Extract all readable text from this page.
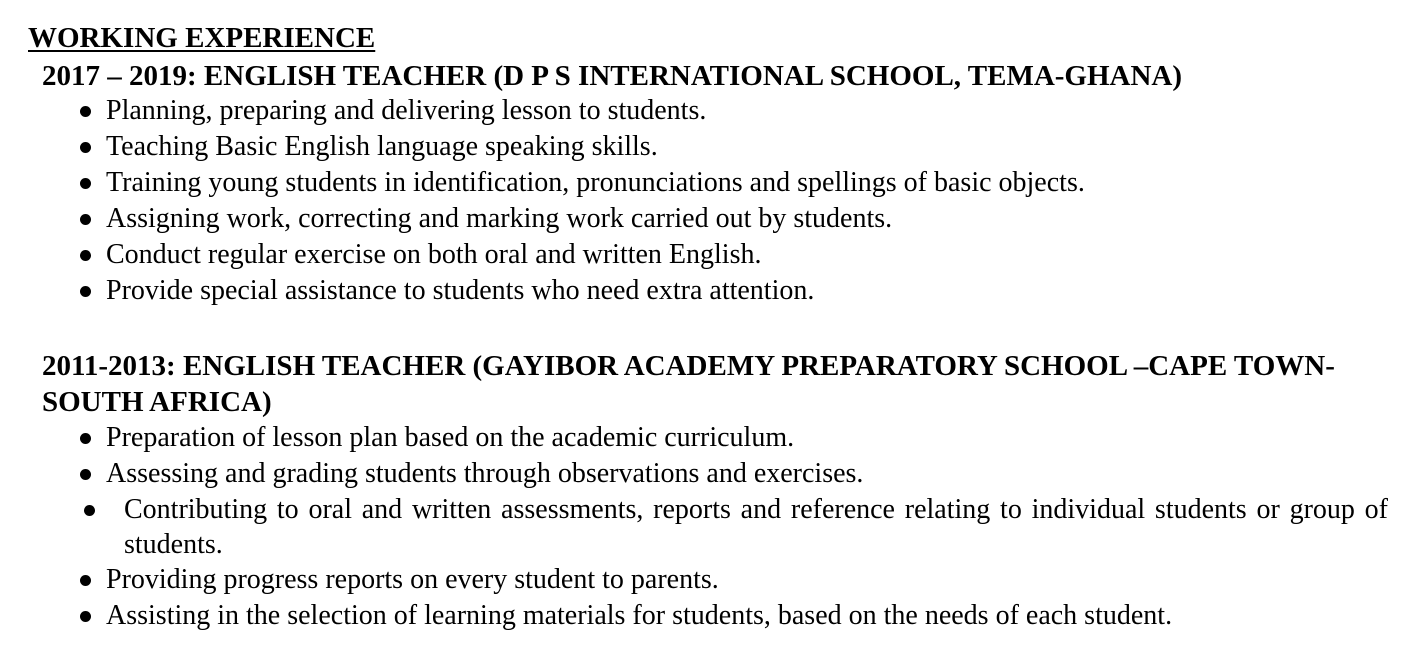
WORKING EXPERIENCE
2017 – 2019: ENGLISH TEACHER (D P S INTERNATIONAL SCHOOL, TEMA-GHANA)
Planning, preparing and delivering lesson to students.
Teaching Basic English language speaking skills.
Training young students in identification, pronunciations and spellings of basic objects.
Assigning work, correcting and marking work carried out by students.
Conduct regular exercise on both oral and written English.
Provide special assistance to students who need extra attention.
2011-2013: ENGLISH TEACHER (GAYIBOR ACADEMY PREPARATORY SCHOOL –CAPE TOWN- SOUTH AFRICA)
Preparation of lesson plan based on the academic curriculum.
Assessing and grading students through observations and exercises.
Contributing to oral and written assessments, reports and reference relating to individual students or group of students.
Providing progress reports on every student to parents.
Assisting in the selection of learning materials for students, based on the needs of each student.
